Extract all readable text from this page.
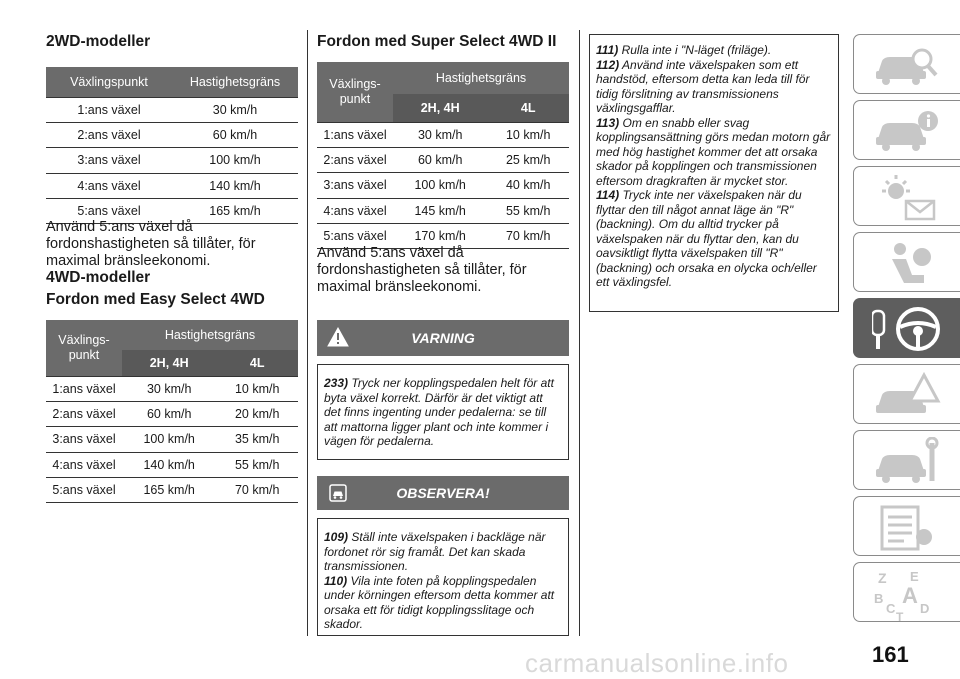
2WD-modeller
Växlingspunkt	Hastighetsgräns
1:ans växel	30 km/h
2:ans växel	60 km/h
3:ans växel	100 km/h
4:ans växel	140 km/h
5:ans växel	165 km/h

Använd 5:ans växel då fordonshastigheten så tillåter, för maximal bränsleekonomi.

4WD-modeller
Fordon med Easy Select 4WD
Växlings-
punkt	Hastighetsgräns	
	2H, 4H	4L
1:ans växel	30 km/h	10 km/h
2:ans växel	60 km/h	20 km/h
3:ans växel	100 km/h	35 km/h
4:ans växel	140 km/h	55 km/h
5:ans växel	165 km/h	70 km/h
Fordon med Super Select 4WD II
Växlings-
punkt	Hastighetsgräns	
	2H, 4H	4L
1:ans växel	30 km/h	10 km/h
2:ans växel	60 km/h	25 km/h
3:ans växel	100 km/h	40 km/h
4:ans växel	145 km/h	55 km/h
5:ans växel	170 km/h	70 km/h

Använd 5:ans växel då fordonshastigheten så tillåter, för maximal bränsleekonomi.

VARNING
233) Tryck ner kopplingspedalen helt för att byta växel korrekt. Därför är det viktigt att det finns ingenting under pedalerna: se till att mattorna ligger plant och inte kommer i vägen för pedalerna.
OBSERVERA!
109) Ställ inte växelspaken i backläge när fordonet rör sig framåt. Det kan skada transmissionen.
110) Vila inte foten på kopplingspedalen under körningen eftersom detta kommer att orsaka ett för tidigt kopplingsslitage och skador.
111) Rulla inte i "N-läget (friläge).
112) Använd inte växelspaken som ett handstöd, eftersom detta kan leda till för tidig förslitning av transmissionens växlingsgafflar.
113) Om en snabb eller svag kopplingsansättning görs medan motorn går med hög hastighet kommer det att orsaka skador på kopplingen och transmissionen eftersom dragkraften är mycket stor.
114) Tryck inte ner växelspaken när du flyttar den till något annat läge än "R" (backning). Om du alltid trycker på växelspaken när du flyttar den, kan du oavsiktligt flytta växelspaken till "R" (backning) och orsaka en olycka och/eller ett växlingsfel.
Z E
B A
C
T
D
carmanualsonline.info	161
